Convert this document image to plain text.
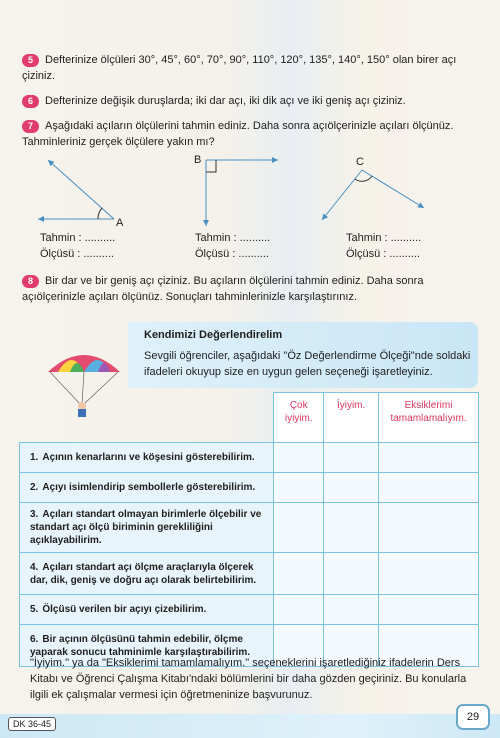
5 Defterinize ölçüleri 30°, 45°, 60°, 70°, 90°, 110°, 120°, 135°, 140°, 150° olan birer açı çiziniz.
6 Defterinize değişik duruşlarda; iki dar açı, iki dik açı ve iki geniş açı çiziniz.
7 Aşağıdaki açıların ölçülerini tahmin ediniz. Daha sonra açıölçerinizle açıları ölçünüz. Tahminleriniz gerçek ölçülere yakın mı?
A
B	C
Tahmin : ..........
Ölçüsü : ..........
Tahmin : ..........
Ölçüsü : ..........
Tahmin : ..........
Ölçüsü : ..........
8 Bir dar ve bir geniş açı çiziniz. Bu açıların ölçülerini tahmin ediniz. Daha sonra açıölçerinizle açıları ölçünüz. Sonuçları tahminlerinizle karşılaştırınız.
Kendimizi Değerlendirelim
Sevgili öğrenciler, aşağıdaki "Öz Değerlendirme Ölçeği"nde soldaki ifadeleri okuyup size en uygun gelen seçeneği işaretleyiniz.
	Çok iyiyim.	İyiyim.	Eksiklerimi tamamlamalıyım.
1. Açının kenarlarını ve köşesini gösterebilirim.			
2. Açıyı isimlendirip sembollerle gösterebilirim.			
3. Açıları standart olmayan birimlerle ölçebilir ve standart açı ölçü biriminin gerekliliğini açıklayabilirim.			
4. Açıları standart açı ölçme araçlarıyla ölçerek dar, dik, geniş ve doğru açı olarak belirtebilirim.			
5. Ölçüsü verilen bir açıyı çizebilirim.			
6. Bir açının ölçüsünü tahmin edebilir, ölçme yaparak sonucu tahminimle karşılaştırabilirim.			
"İyiyim." ya da "Eksiklerimi tamamlamalıyım." seçeneklerini işaretlediğiniz ifadelerin Ders Kitabı ve Öğrenci Çalışma Kitabı'ndaki bölümlerini bir daha gözden geçiriniz. Bu konularla ilgili ek çalışmalar vermesi için öğretmeninize başvurunuz.
DK 36-45
29
